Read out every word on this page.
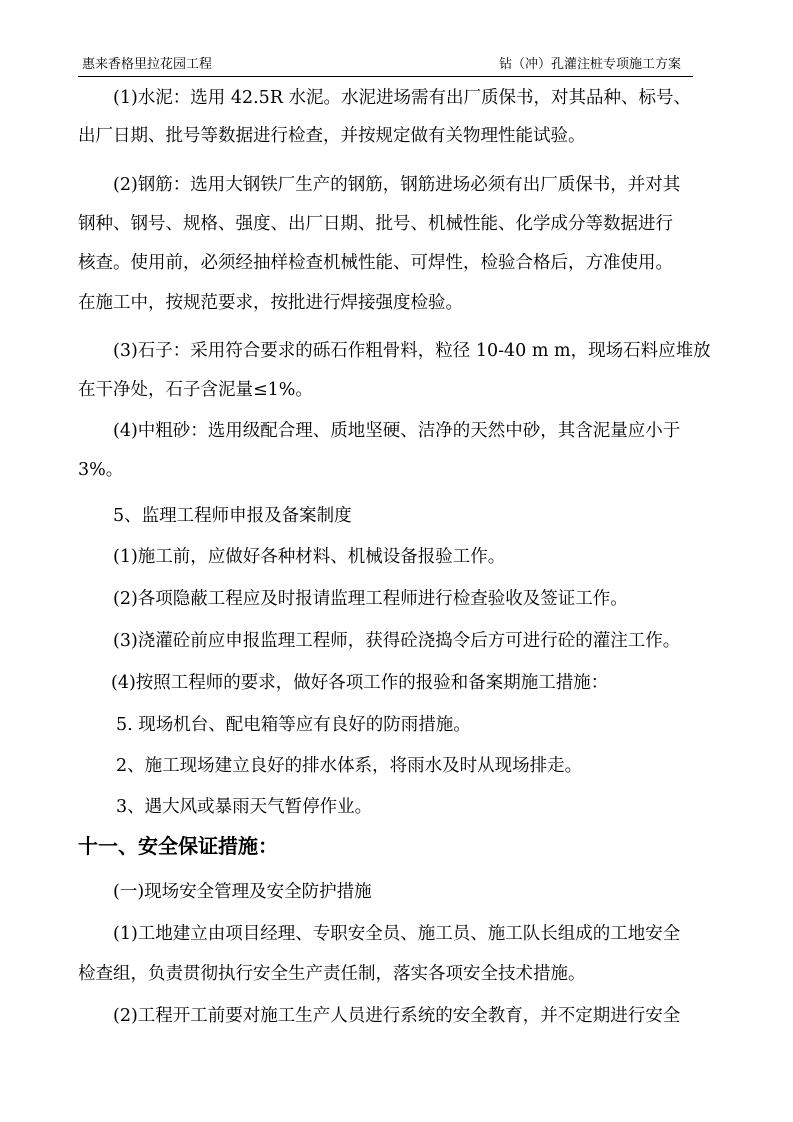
惠来香格里拉花园工程	钻（冲）孔灌注桩专项施工方案
(1)水泥：选用 42.5R 水泥。水泥进场需有出厂质保书，对其品种、标号、
出厂日期、批号等数据进行检查，并按规定做有关物理性能试验。
(2)钢筋：选用大钢铁厂生产的钢筋，钢筋进场必须有出厂质保书，并对其
钢种、钢号、规格、强度、出厂日期、批号、机械性能、化学成分等数据进行
核查。使用前，必须经抽样检查机械性能、可焊性，检验合格后，方准使用。
在施工中，按规范要求，按批进行焊接强度检验。
(3)石子：采用符合要求的砾石作粗骨料，粒径 10-40 m m，现场石料应堆放
在干净处，石子含泥量≤1%。
(4)中粗砂：选用级配合理、质地坚硬、洁净的天然中砂，其含泥量应小于
3%。
5、监理工程师申报及备案制度
(1)施工前，应做好各种材料、机械设备报验工作。
(2)各项隐蔽工程应及时报请监理工程师进行检查验收及签证工作。
(3)浇灌砼前应申报监理工程师，获得砼浇捣令后方可进行砼的灌注工作。
(4)按照工程师的要求，做好各项工作的报验和备案期施工措施：
5. 现场机台、配电箱等应有良好的防雨措施。
2、施工现场建立良好的排水体系，将雨水及时从现场排走。
3、遇大风或暴雨天气暂停作业。
十一、安全保证措施：
(一)现场安全管理及安全防护措施
(1)工地建立由项目经理、专职安全员、施工员、施工队长组成的工地安全
检查组，负责贯彻执行安全生产责任制，落实各项安全技术措施。
(2)工程开工前要对施工生产人员进行系统的安全教育，并不定期进行安全
